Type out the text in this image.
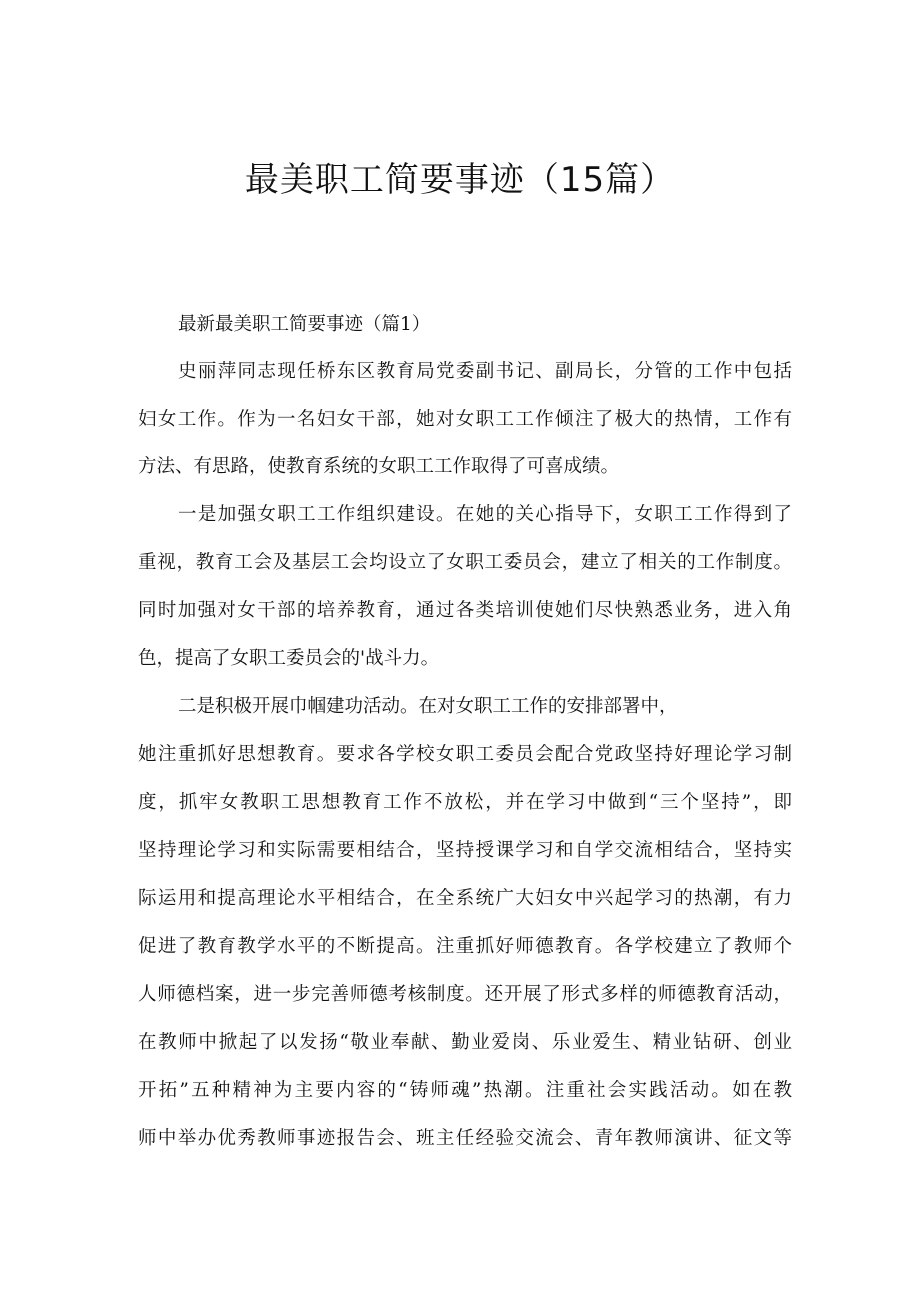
最美职工简要事迹（15篇）
最新最美职工简要事迹（篇1）
史丽萍同志现任桥东区教育局党委副书记、副局长，分管的工作中包括
妇女工作。作为一名妇女干部，她对女职工工作倾注了极大的热情，工作有
方法、有思路，使教育系统的女职工工作取得了可喜成绩。
一是加强女职工工作组织建设。在她的关心指导下，女职工工作得到了
重视，教育工会及基层工会均设立了女职工委员会，建立了相关的工作制度。
同时加强对女干部的培养教育，通过各类培训使她们尽快熟悉业务，进入角
色，提高了女职工委员会的'战斗力。
二是积极开展巾帼建功活动。在对女职工工作的安排部署中，
她注重抓好思想教育。要求各学校女职工委员会配合党政坚持好理论学习制
度，抓牢女教职工思想教育工作不放松，并在学习中做到“三个坚持”，即
坚持理论学习和实际需要相结合，坚持授课学习和自学交流相结合，坚持实
际运用和提高理论水平相结合，在全系统广大妇女中兴起学习的热潮，有力
促进了教育教学水平的不断提高。注重抓好师德教育。各学校建立了教师个
人师德档案，进一步完善师德考核制度。还开展了形式多样的师德教育活动，
在教师中掀起了以发扬“敬业奉献、勤业爱岗、乐业爱生、精业钻研、创业
开拓”五种精神为主要内容的“铸师魂”热潮。注重社会实践活动。如在教
师中举办优秀教师事迹报告会、班主任经验交流会、青年教师演讲、征文等
